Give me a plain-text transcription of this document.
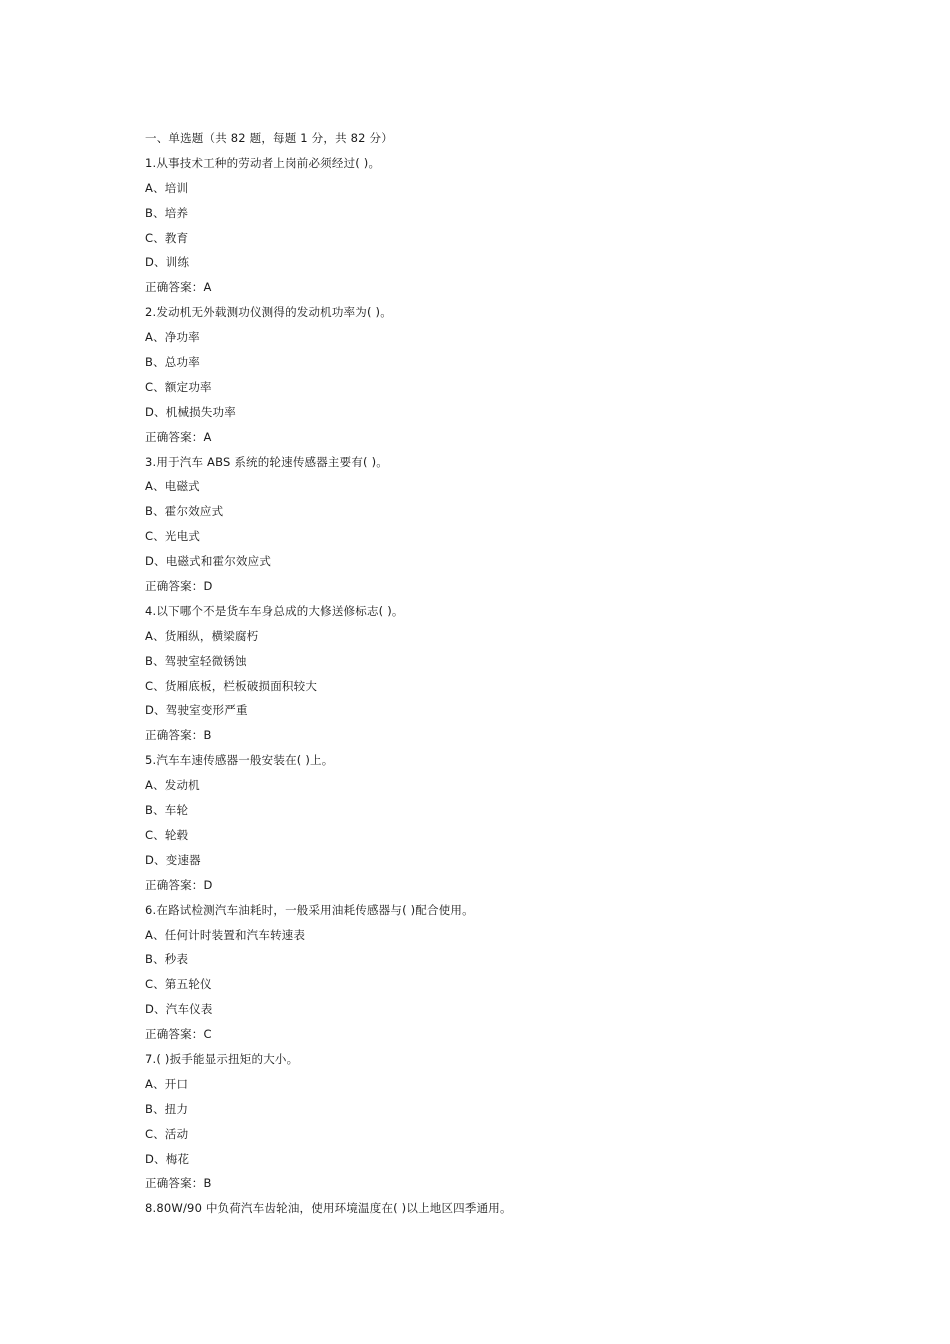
一、单选题（共 82 题，每题 1 分，共 82 分）
1.从事技术工种的劳动者上岗前必须经过( )。
A、培训
B、培养
C、教育
D、训练
正确答案：A
2.发动机无外载测功仪测得的发动机功率为( )。
A、净功率
B、总功率
C、额定功率
D、机械损失功率
正确答案：A
3.用于汽车 ABS 系统的轮速传感器主要有( )。
A、电磁式
B、霍尔效应式
C、光电式
D、电磁式和霍尔效应式
正确答案：D
4.以下哪个不是货车车身总成的大修送修标志( )。
A、货厢纵，横梁腐朽
B、驾驶室轻微锈蚀
C、货厢底板，栏板破损面积较大
D、驾驶室变形严重
正确答案：B
5.汽车车速传感器一般安装在( )上。
A、发动机
B、车轮
C、轮毂
D、变速器
正确答案：D
6.在路试检测汽车油耗时，一般采用油耗传感器与( )配合使用。
A、任何计时装置和汽车转速表
B、秒表
C、第五轮仪
D、汽车仪表
正确答案：C
7.( )扳手能显示扭矩的大小。
A、开口
B、扭力
C、活动
D、梅花
正确答案：B
8.80W/90 中负荷汽车齿轮油，使用环境温度在( )以上地区四季通用。
